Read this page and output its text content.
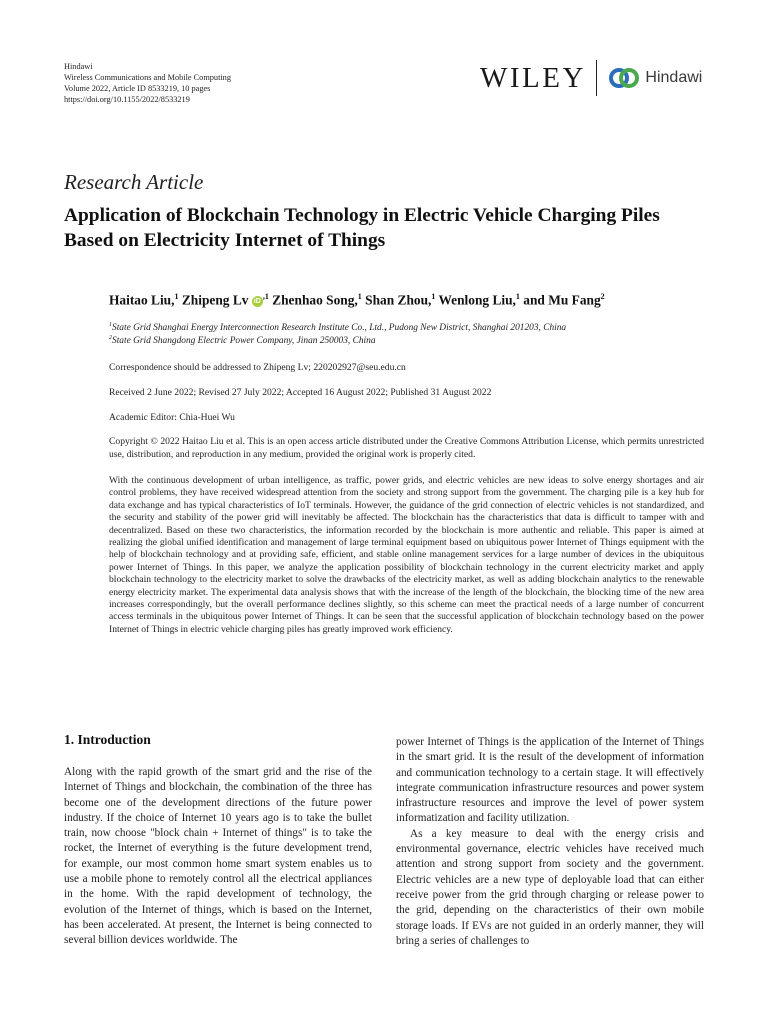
Hindawi
Wireless Communications and Mobile Computing
Volume 2022, Article ID 8533219, 10 pages
https://doi.org/10.1155/2022/8533219
WILEY	Hindawi
Research Article
Application of Blockchain Technology in Electric Vehicle Charging Piles Based on Electricity Internet of Things
Haitao Liu,$^1$ Zhipeng Lv $iD^{,1}$ Zhenhao Song,$^1$ Shan Zhou,$^1$ Wenlong Liu,$^1$ and Mu Fang$^2$
$^1$State Grid Shanghai Energy Interconnection Research Institute Co., Ltd., Pudong New District, Shanghai 201203, China
$^2$State Grid Shangdong Electric Power Company, Jinan 250003, China
Correspondence should be addressed to Zhipeng Lv; 220202927@seu.edu.cn
Received 2 June 2022; Revised 27 July 2022; Accepted 16 August 2022; Published 31 August 2022
Academic Editor: Chia-Huei Wu
Copyright © 2022 Haitao Liu et al. This is an open access article distributed under the Creative Commons Attribution License, which permits unrestricted use, distribution, and reproduction in any medium, provided the original work is properly cited.
With the continuous development of urban intelligence, as traffic, power grids, and electric vehicles are new ideas to solve energy shortages and air control problems, they have received widespread attention from the society and strong support from the government. The charging pile is a key hub for data exchange and has typical characteristics of IoT terminals. However, the guidance of the grid connection of electric vehicles is not standardized, and the security and stability of the power grid will inevitably be affected. The blockchain has the characteristics that data is difficult to tamper with and decentralized. Based on these two characteristics, the information recorded by the blockchain is more authentic and reliable. This paper is aimed at realizing the global unified identification and management of large terminal equipment based on ubiquitous power Internet of Things equipment with the help of blockchain technology and at providing safe, efficient, and stable online management services for a large number of devices in the ubiquitous power Internet of Things. In this paper, we analyze the application possibility of blockchain technology in the current electricity market and apply blockchain technology to the electricity market to solve the drawbacks of the electricity market, as well as adding blockchain analytics to the renewable energy electricity market. The experimental data analysis shows that with the increase of the length of the blockchain, the blocking time of the new area increases correspondingly, but the overall performance declines slightly, so this scheme can meet the practical needs of a large number of concurrent access terminals in the ubiquitous power Internet of Things. It can be seen that the successful application of blockchain technology based on the power Internet of Things in electric vehicle charging piles has greatly improved work efficiency.
1. Introduction

Along with the rapid growth of the smart grid and the rise of the Internet of Things and blockchain, the combination of the three has become one of the development directions of the future power industry. If the choice of Internet 10 years ago is to take the bullet train, now choose "block chain + Internet of things" is to take the rocket, the Internet of everything is the future development trend, for example, our most common home smart system enables us to use a mobile phone to remotely control all the electrical appliances in the home. With the rapid development of technology, the evolution of the Internet of things, which is based on the Internet, has been accelerated. At present, the Internet is being connected to several billion devices worldwide. The

power Internet of Things is the application of the Internet of Things in the smart grid. It is the result of the development of information and communication technology to a certain stage. It will effectively integrate communication infrastructure resources and power system infrastructure resources and improve the level of power system informatization and facility utilization.

As a key measure to deal with the energy crisis and environmental governance, electric vehicles have received much attention and strong support from society and the government. Electric vehicles are a new type of deployable load that can either receive power from the grid through charging or release power to the grid, depending on the characteristics of their own mobile storage loads. If EVs are not guided in an orderly manner, they will bring a series of challenges to
